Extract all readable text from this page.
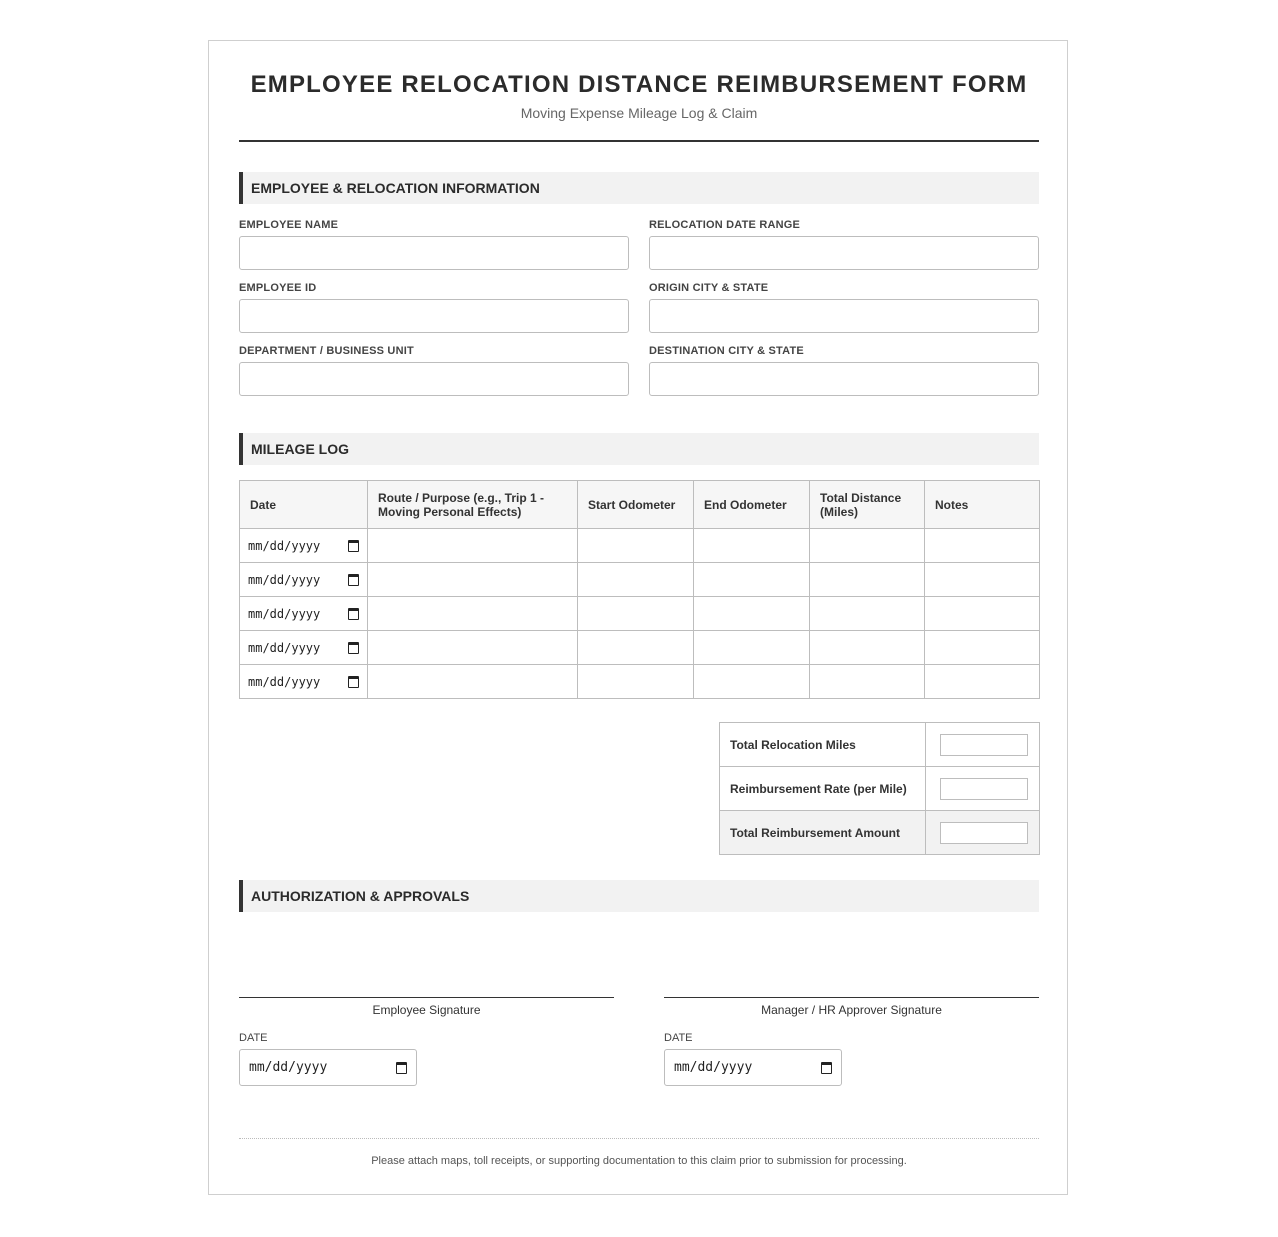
EMPLOYEE RELOCATION DISTANCE REIMBURSEMENT FORM
Moving Expense Mileage Log & Claim
EMPLOYEE & RELOCATION INFORMATION
EMPLOYEE NAME	RELOCATION DATE RANGE
EMPLOYEE ID	ORIGIN CITY & STATE
DEPARTMENT / BUSINESS UNIT	DESTINATION CITY & STATE
MILEAGE LOG
Date	Route / Purpose (e.g., Trip 1 - Moving Personal Effects)	Start Odometer	End Odometer	Total Distance (Miles)	Notes

mm/dd/yyyy					

mm/dd/yyyy					

mm/dd/yyyy					

mm/dd/yyyy					

mm/dd/yyyy					

Total Relocation Miles	

Reimbursement Rate (per Mile)	

Total Reimbursement Amount	
AUTHORIZATION & APPROVALS
Employee Signature	Manager / HR Approver Signature
DATE
mm/dd/yyyy
DATE
mm/dd/yyyy
Please attach maps, toll receipts, or supporting documentation to this claim prior to submission for processing.
